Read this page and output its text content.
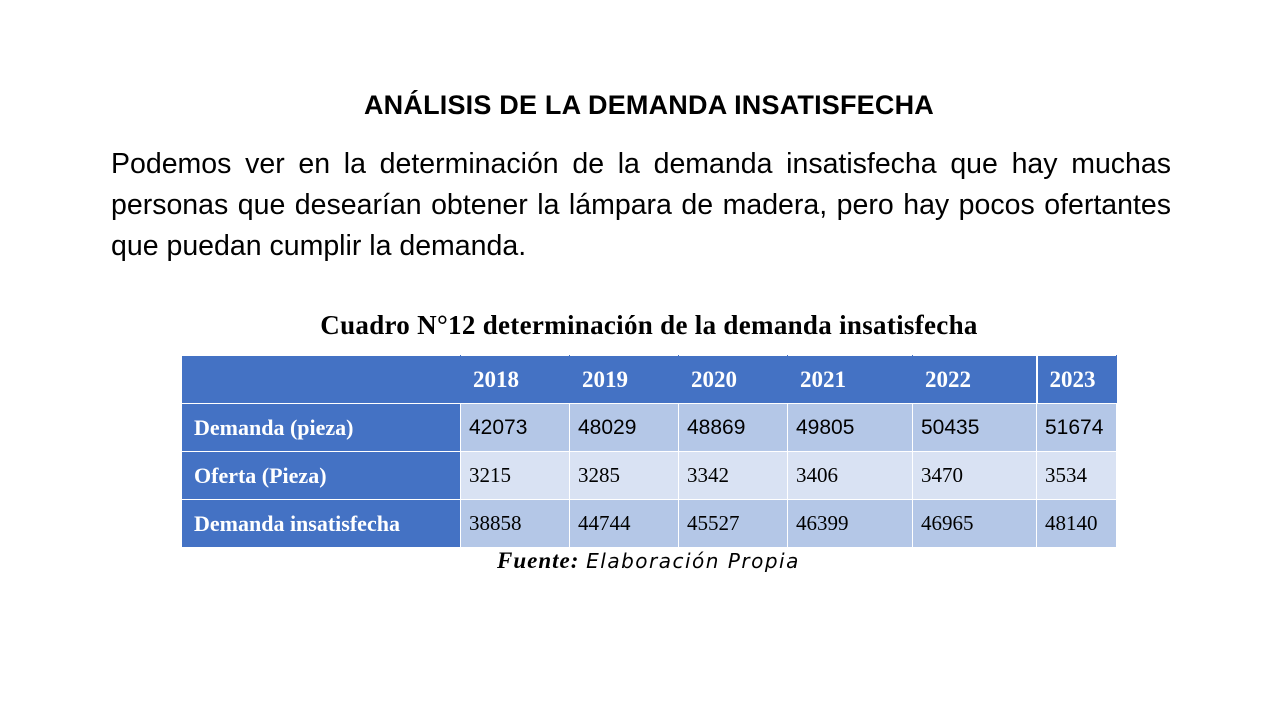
ANÁLISIS DE LA DEMANDA INSATISFECHA
Podemos ver en la determinación de la demanda insatisfecha que hay muchas personas que desearían obtener la lámpara de madera, pero hay pocos ofertantes que puedan cumplir la demanda.
Cuadro N°12 determinación de la demanda insatisfecha
	2018	2019	2020	2021	2022	2023
Demanda (pieza)	42073	48029	48869	49805	50435	51674
Oferta (Pieza)	3215	3285	3342	3406	3470	3534
Demanda insatisfecha	38858	44744	45527	46399	46965	48140
Fuente: Elaboración Propia
